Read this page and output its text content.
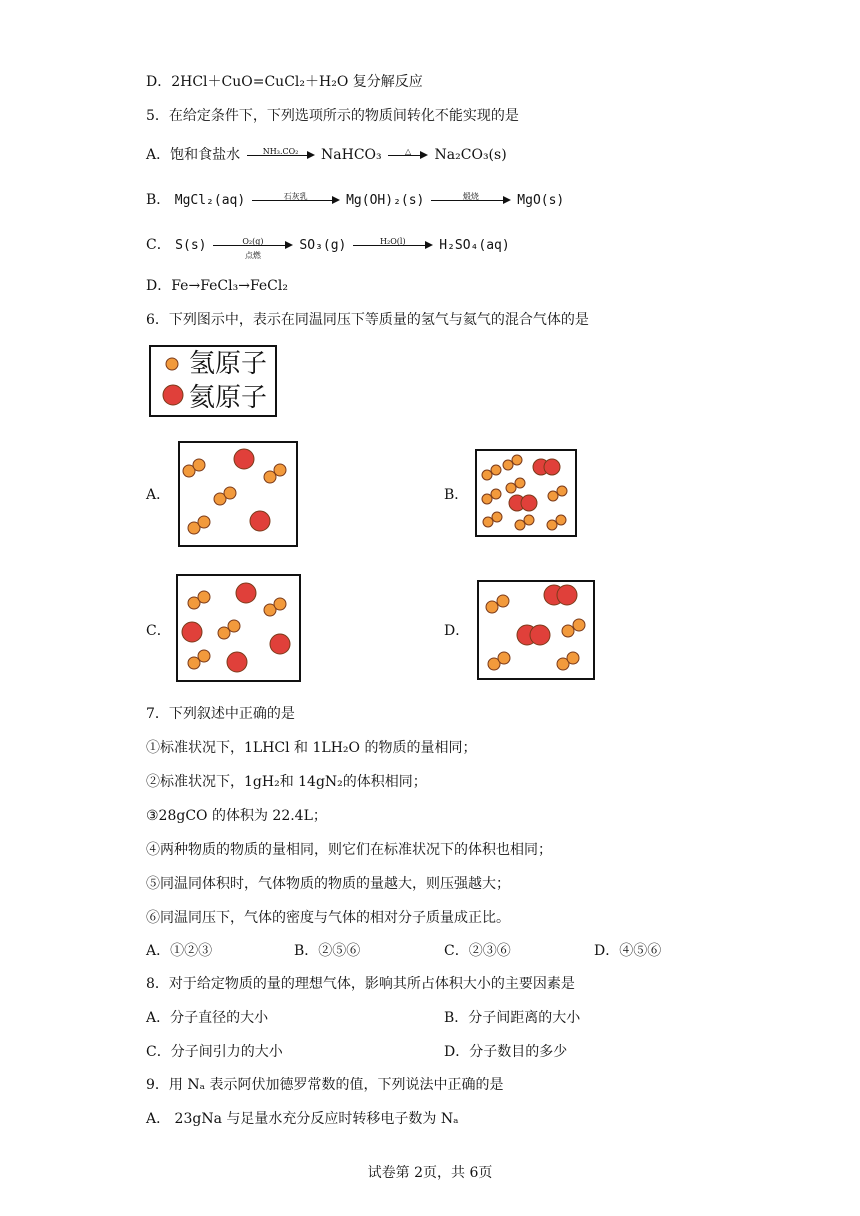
D．2HCl＋CuO=CuCl₂＋H₂O 复分解反应
5．在给定条件下，下列选项所示的物质间转化不能实现的是
A．饱和食盐水	NH₃.CO₂	NaHCO₃	△	Na₂CO₃(s)
B． MgCl₂(aq)	石灰乳	Mg(OH)₂(s)	煅烧	MgO(s)
C． S(s)	O₂(g)
点燃
SO₃(g)	H₂O(l)	H₂SO₄(aq)
D．Fe→FeCl₃→FeCl₂
6．下列图示中，表示在同温同压下等质量的氢气与氦气的混合气体的是
氢原子
氦原子
A．	B．
C．	D．
7．下列叙述中正确的是
①标准状况下，1LHCl 和 1LH₂O 的物质的量相同；
②标准状况下，1gH₂和 14gN₂的体积相同；
③28gCO 的体积为 22.4L；
④两种物质的物质的量相同，则它们在标准状况下的体积也相同；
⑤同温同体积时，气体物质的物质的量越大，则压强越大；
⑥同温同压下，气体的密度与气体的相对分子质量成正比。
A．①②③	B．②⑤⑥	C．②③⑥	D．④⑤⑥
8．对于给定物质的量的理想气体，影响其所占体积大小的主要因素是
A．分子直径的大小	B．分子间距离的大小
C．分子间引力的大小	D．分子数目的多少
9．用 Nₐ 表示阿伏加德罗常数的值，下列说法中正确的是
A． 23gNa 与足量水充分反应时转移电子数为 Nₐ
试卷第 2页，共 6页
